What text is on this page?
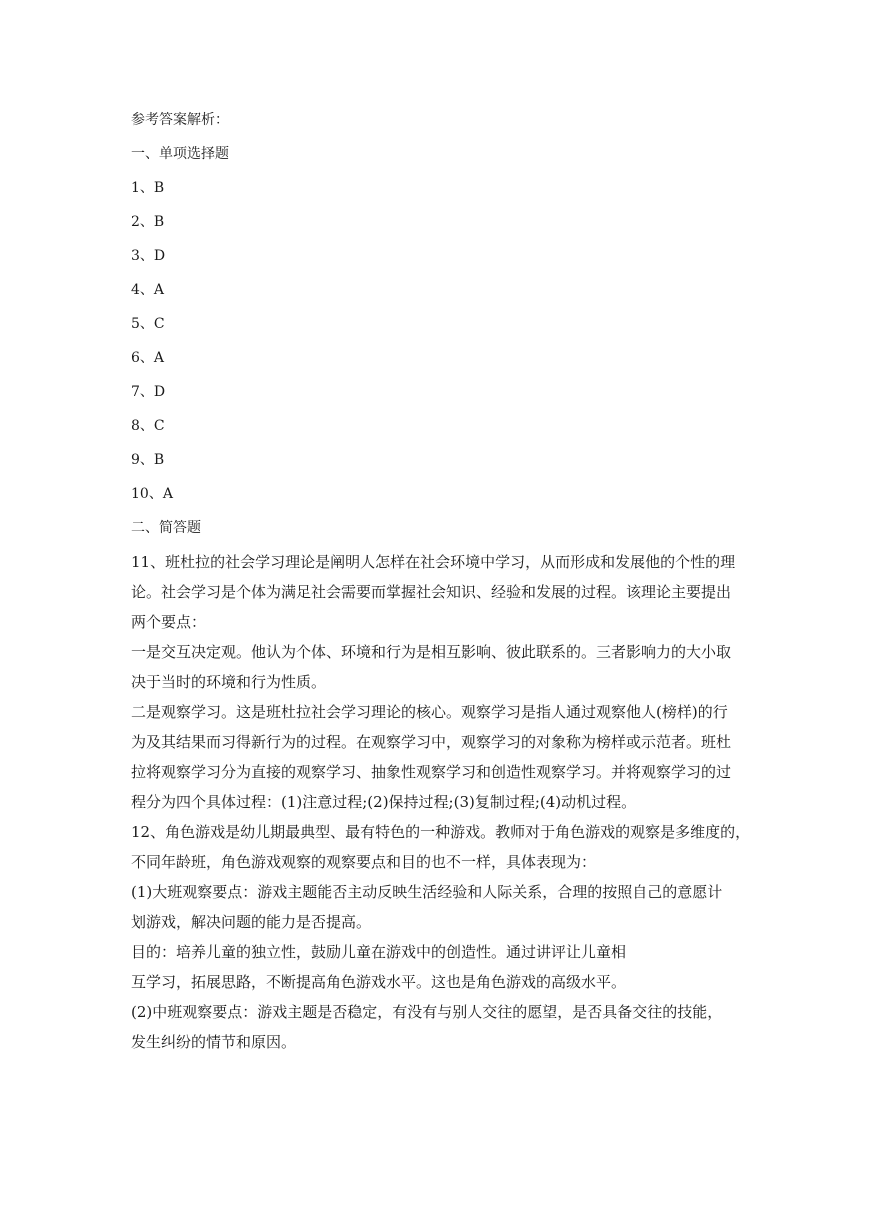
参考答案解析：
一、单项选择题
1、B
2、B
3、D
4、A
5、C
6、A
7、D
8、C
9、B
10、A
二、简答题
11、班杜拉的社会学习理论是阐明人怎样在社会环境中学习，从而形成和发展他的个性的理
论。社会学习是个体为满足社会需要而掌握社会知识、经验和发展的过程。该理论主要提出
两个要点：
一是交互决定观。他认为个体、环境和行为是相互影响、彼此联系的。三者影响力的大小取
决于当时的环境和行为性质。
二是观察学习。这是班杜拉社会学习理论的核心。观察学习是指人通过观察他人(榜样)的行
为及其结果而习得新行为的过程。在观察学习中，观察学习的对象称为榜样或示范者。班杜
拉将观察学习分为直接的观察学习、抽象性观察学习和创造性观察学习。并将观察学习的过
程分为四个具体过程：(1)注意过程;(2)保持过程;(3)复制过程;(4)动机过程。
12、角色游戏是幼儿期最典型、最有特色的一种游戏。教师对于角色游戏的观察是多维度的，
不同年龄班，角色游戏观察的观察要点和目的也不一样，具体表现为：
(1)大班观察要点：游戏主题能否主动反映生活经验和人际关系，合理的按照自己的意愿计
划游戏，解决问题的能力是否提高。
目的：培养儿童的独立性，鼓励儿童在游戏中的创造性。通过讲评让儿童相
互学习，拓展思路，不断提高角色游戏水平。这也是角色游戏的高级水平。
(2)中班观察要点：游戏主题是否稳定，有没有与别人交往的愿望，是否具备交往的技能，
发生纠纷的情节和原因。
